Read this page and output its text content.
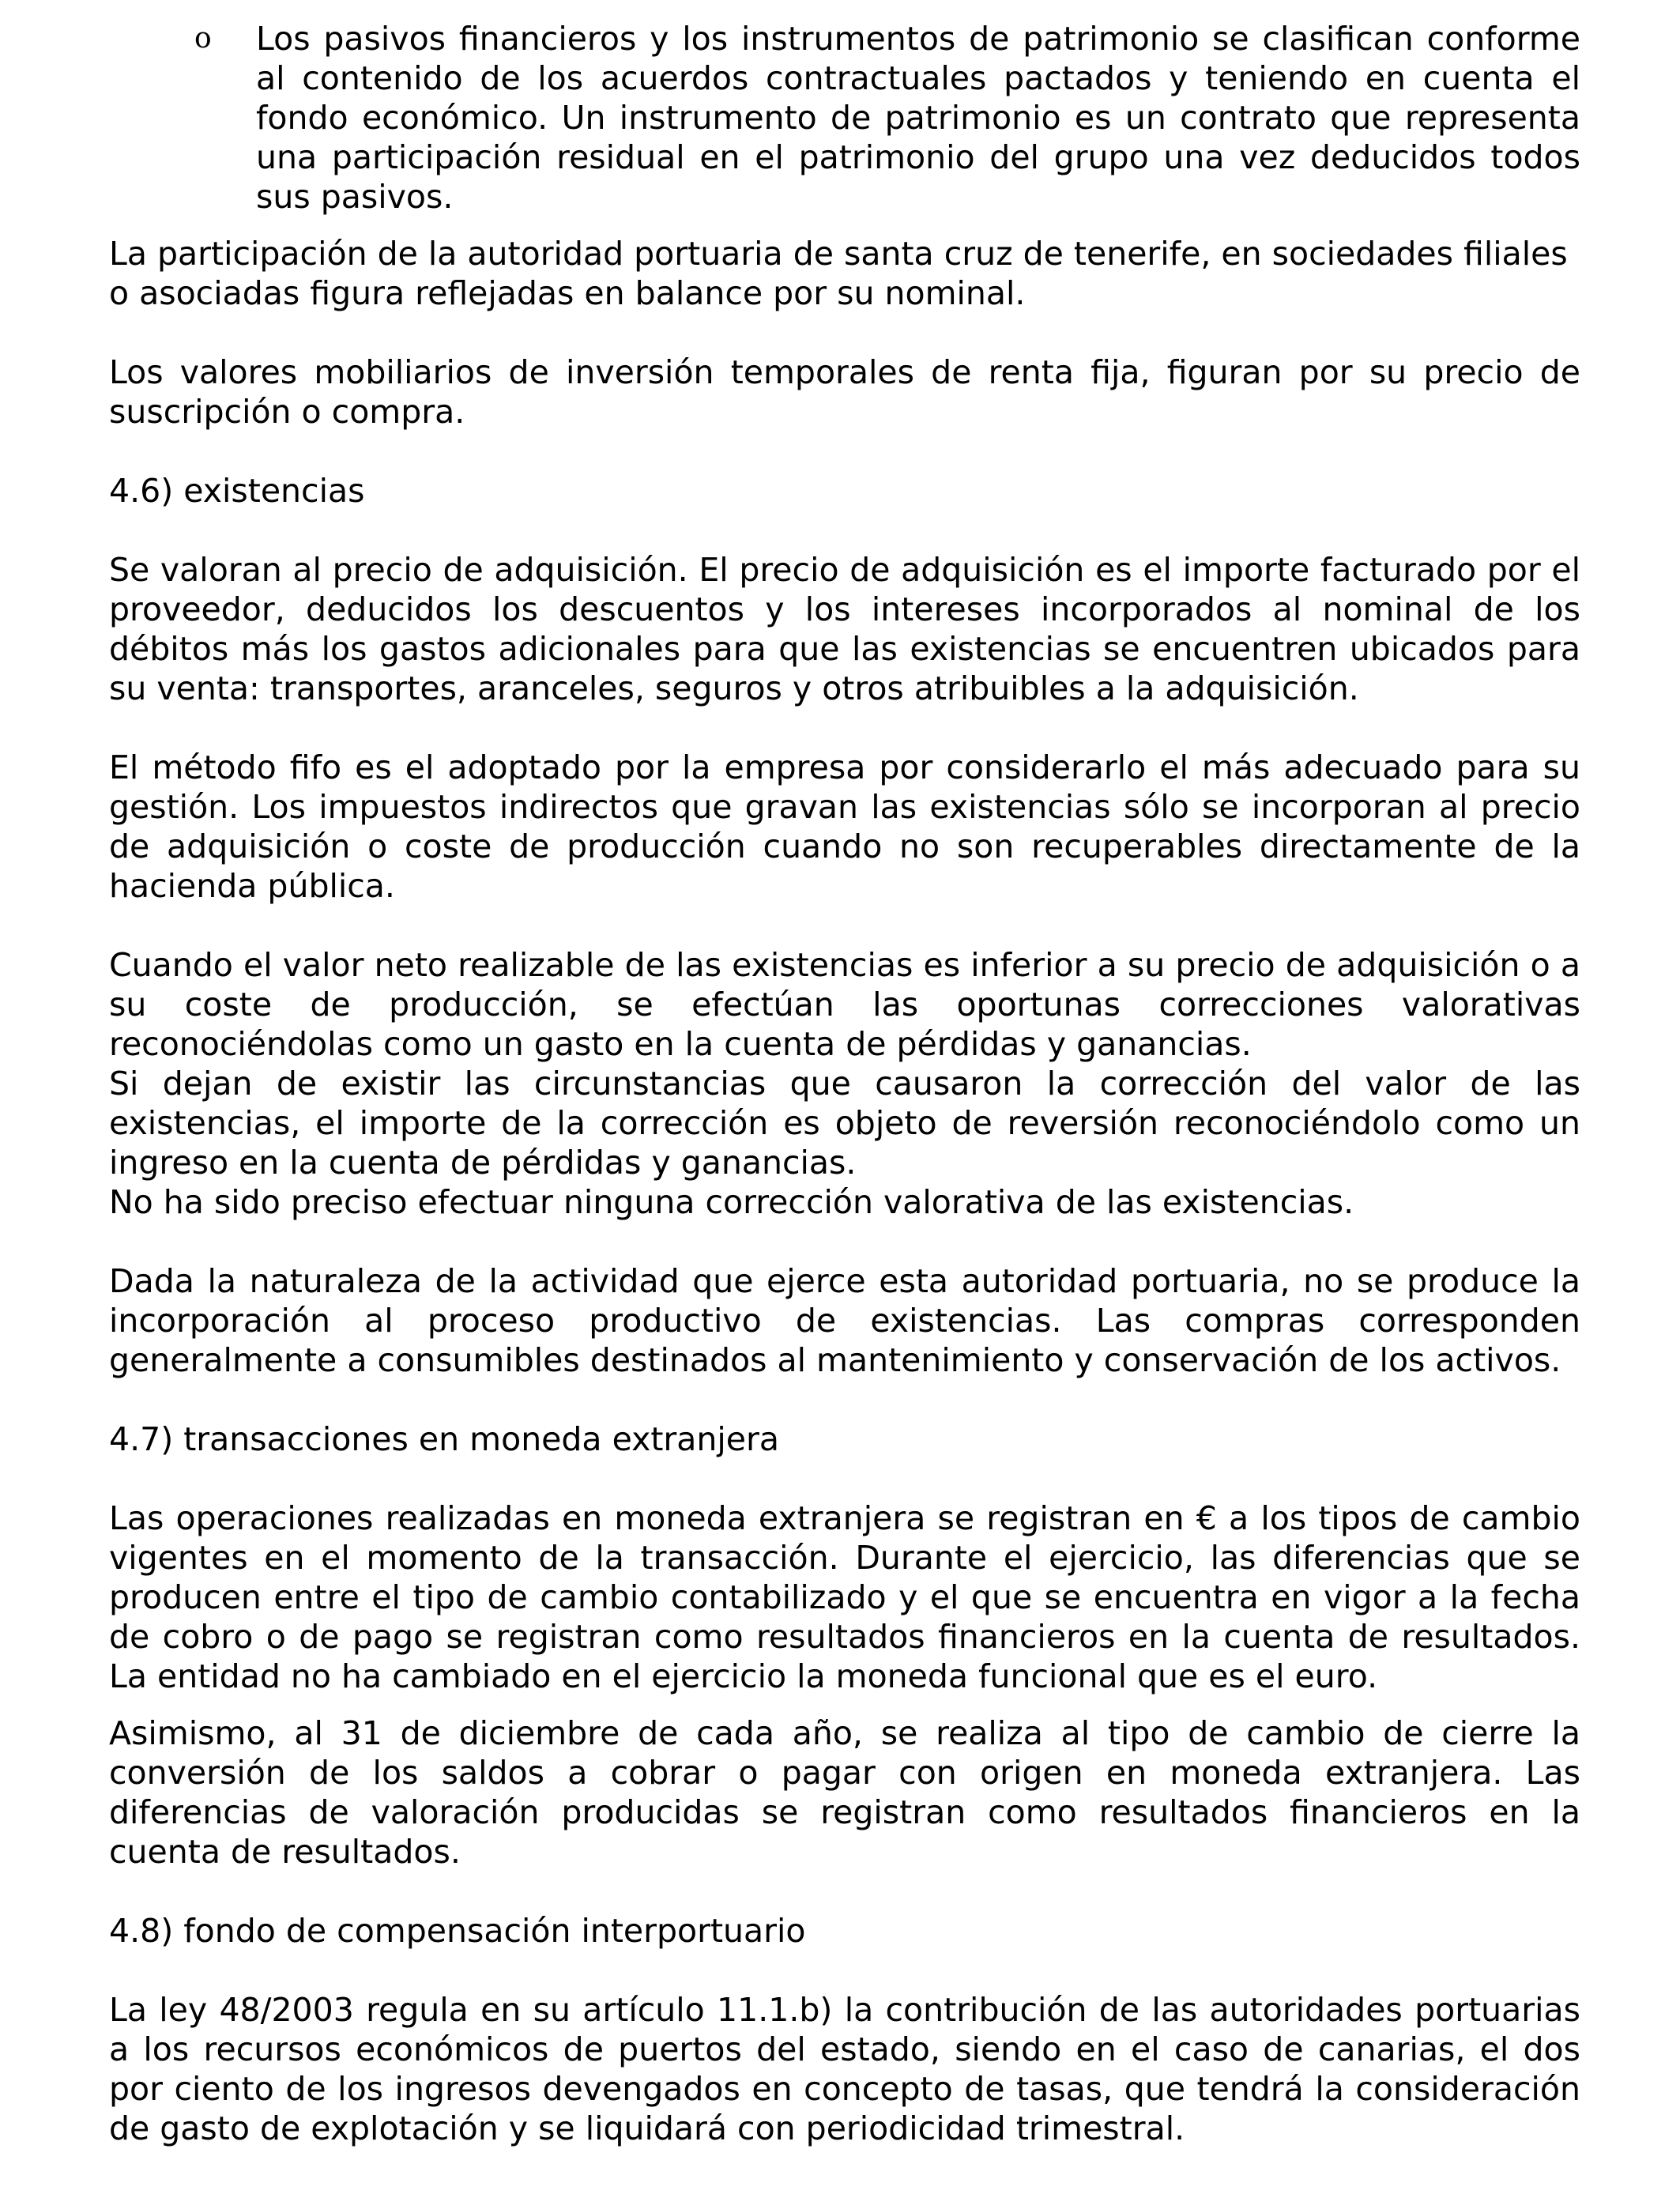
o Los pasivos financieros y los instrumentos de patrimonio se clasifican conforme al contenido de los acuerdos contractuales pactados y teniendo en cuenta el fondo económico. Un instrumento de patrimonio es un contrato que representa una participación residual en el patrimonio del grupo una vez deducidos todos sus pasivos.

La participación de la autoridad portuaria de santa cruz de tenerife, en sociedades filiales o asociadas figura reflejadas en balance por su nominal.

Los valores mobiliarios de inversión temporales de renta fija, figuran por su precio de suscripción o compra.

4.6) existencias

Se valoran al precio de adquisición. El precio de adquisición es el importe facturado por el proveedor, deducidos los descuentos y los intereses incorporados al nominal de los débitos más los gastos adicionales para que las existencias se encuentren ubicados para su venta: transportes, aranceles, seguros y otros atribuibles a la adquisición.

El método fifo es el adoptado por la empresa por considerarlo el más adecuado para su gestión. Los impuestos indirectos que gravan las existencias sólo se incorporan al precio de adquisición o coste de producción cuando no son recuperables directamente de la hacienda pública.

Cuando el valor neto realizable de las existencias es inferior a su precio de adquisición o a su coste de producción, se efectúan las oportunas correcciones valorativas reconociéndolas como un gasto en la cuenta de pérdidas y ganancias.

Si dejan de existir las circunstancias que causaron la corrección del valor de las existencias, el importe de la corrección es objeto de reversión reconociéndolo como un ingreso en la cuenta de pérdidas y ganancias.

No ha sido preciso efectuar ninguna corrección valorativa de las existencias.

Dada la naturaleza de la actividad que ejerce esta autoridad portuaria, no se produce la incorporación al proceso productivo de existencias. Las compras corresponden generalmente a consumibles destinados al mantenimiento y conservación de los activos.

4.7) transacciones en moneda extranjera

Las operaciones realizadas en moneda extranjera se registran en € a los tipos de cambio vigentes en el momento de la transacción. Durante el ejercicio, las diferencias que se producen entre el tipo de cambio contabilizado y el que se encuentra en vigor a la fecha de cobro o de pago se registran como resultados financieros en la cuenta de resultados. La entidad no ha cambiado en el ejercicio la moneda funcional que es el euro.

Asimismo, al 31 de diciembre de cada año, se realiza al tipo de cambio de cierre la conversión de los saldos a cobrar o pagar con origen en moneda extranjera. Las diferencias de valoración producidas se registran como resultados financieros en la cuenta de resultados.

4.8) fondo de compensación interportuario

La ley 48/2003 regula en su artículo 11.1.b) la contribución de las autoridades portuarias a los recursos económicos de puertos del estado, siendo en el caso de canarias, el dos por ciento de los ingresos devengados en concepto de tasas, que tendrá la consideración de gasto de explotación y se liquidará con periodicidad trimestral.
